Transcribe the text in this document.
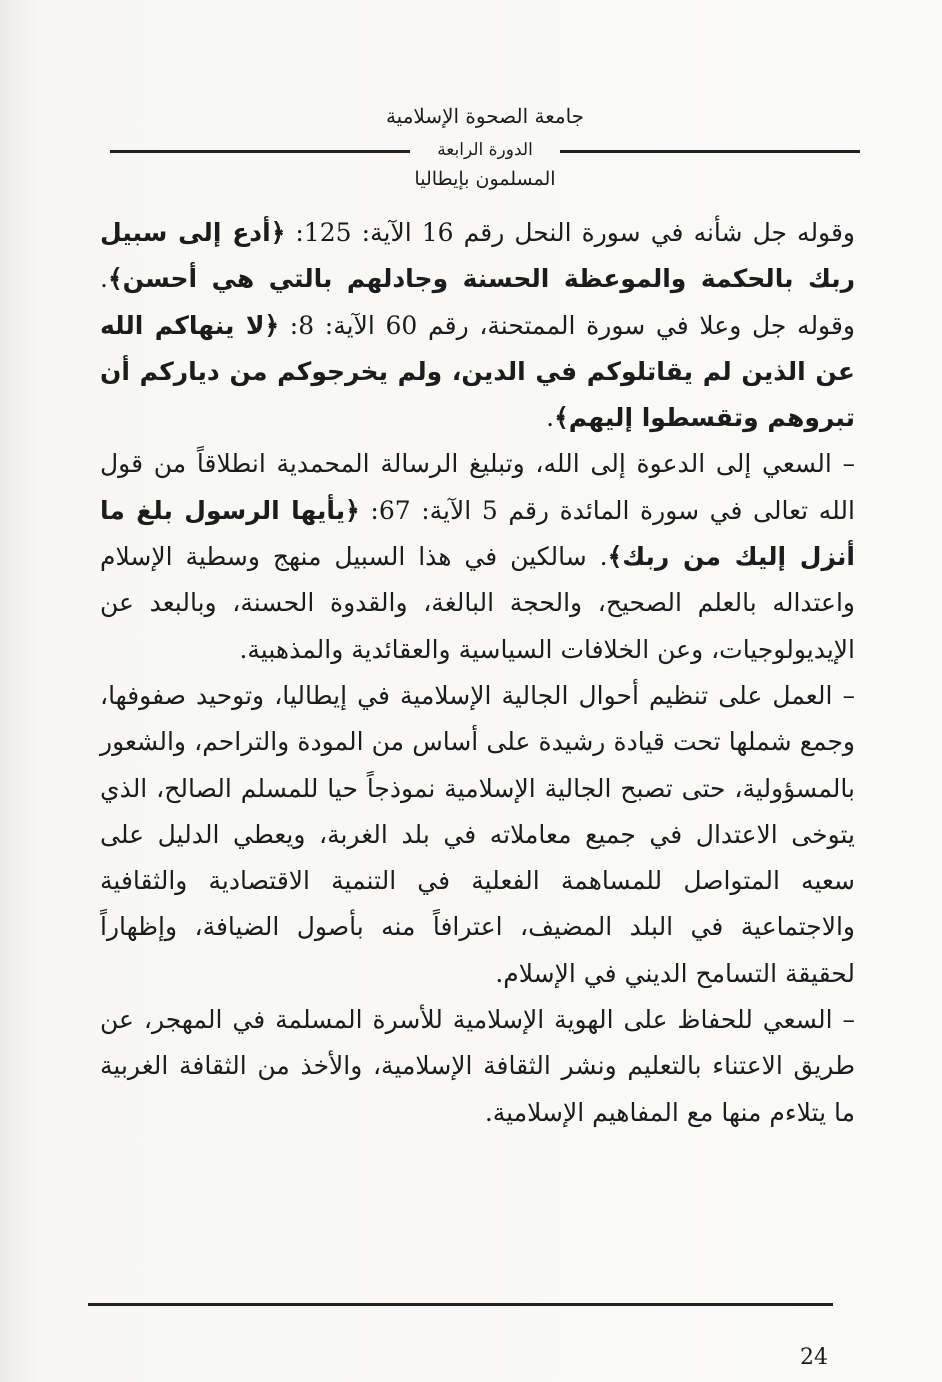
جامعة الصحوة الإسلامية
الدورة الرابعة
المسلمون بإيطاليا

وقوله جل شأنه في سورة النحل رقم 16 الآية: 125: ﴿أدع إلى سبيل ربك بالحكمة والموعظة الحسنة وجادلهم بالتي هي أحسن﴾. وقوله جل وعلا في سورة الممتحنة، رقم 60 الآية: 8: ﴿لا ينهاكم الله عن الذين لم يقاتلوكم في الدين، ولم يخرجوكم من دياركم أن تبروهم وتقسطوا إليهم﴾.

– السعي إلى الدعوة إلى الله، وتبليغ الرسالة المحمدية انطلاقاً من قول الله تعالى في سورة المائدة رقم 5 الآية: 67: ﴿يأيها الرسول بلغ ما أنزل إليك من ربك﴾. سالكين في هذا السبيل منهج وسطية الإسلام واعتداله بالعلم الصحيح، والحجة البالغة، والقدوة الحسنة، وبالبعد عن الإيديولوجيات، وعن الخلافات السياسية والعقائدية والمذهبية.

– العمل على تنظيم أحوال الجالية الإسلامية في إيطاليا، وتوحيد صفوفها، وجمع شملها تحت قيادة رشيدة على أساس من المودة والتراحم، والشعور بالمسؤولية، حتى تصبح الجالية الإسلامية نموذجاً حيا للمسلم الصالح، الذي يتوخى الاعتدال في جميع معاملاته في بلد الغربة، ويعطي الدليل على سعيه المتواصل للمساهمة الفعلية في التنمية الاقتصادية والثقافية والاجتماعية في البلد المضيف، اعترافاً منه بأصول الضيافة، وإظهاراً لحقيقة التسامح الديني في الإسلام.

– السعي للحفاظ على الهوية الإسلامية للأسرة المسلمة في المهجر، عن طريق الاعتناء بالتعليم ونشر الثقافة الإسلامية، والأخذ من الثقافة الغربية ما يتلاءم منها مع المفاهيم الإسلامية.

24
